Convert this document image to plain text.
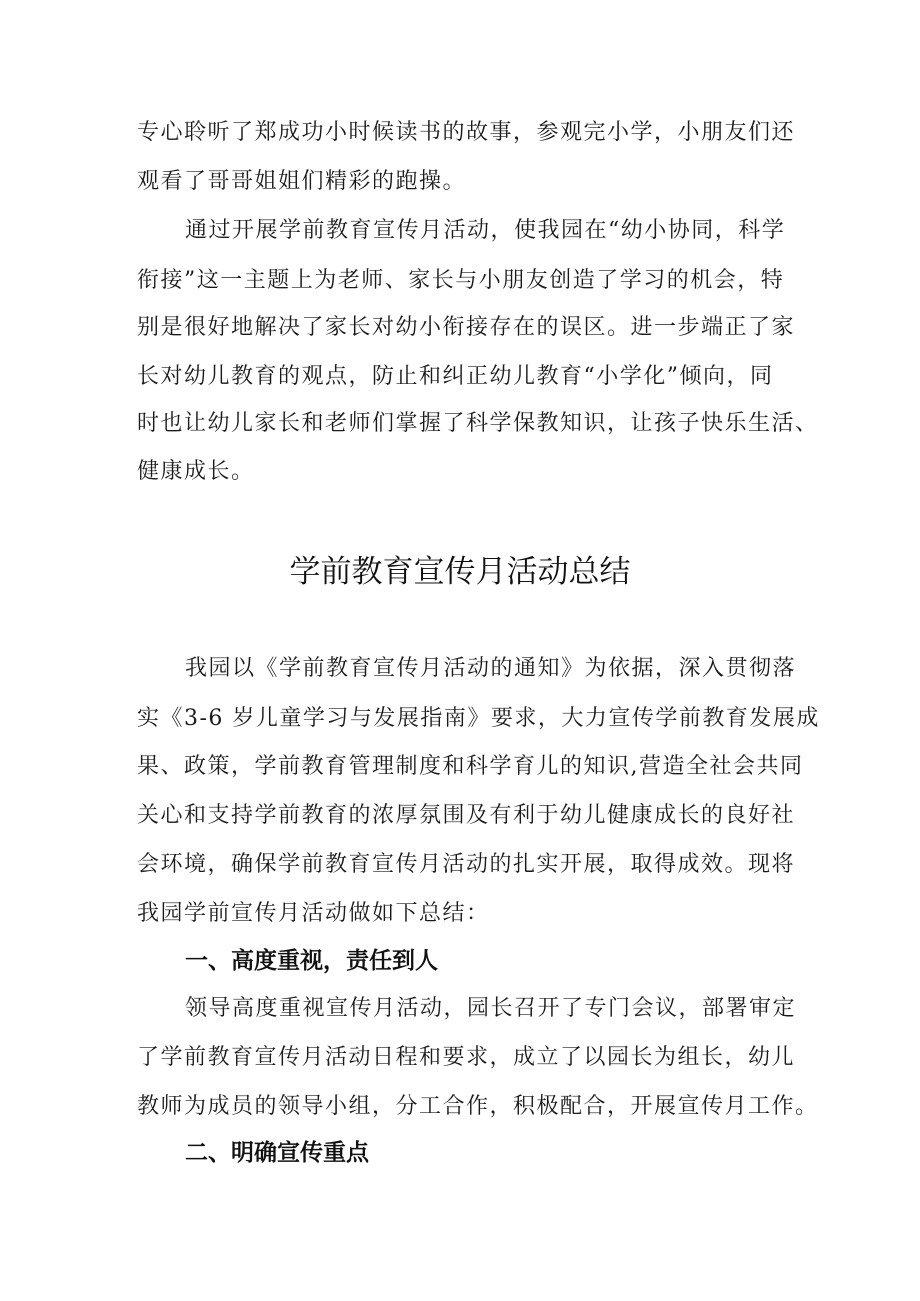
专心聆听了郑成功小时候读书的故事，参观完小学，小朋友们还
观看了哥哥姐姐们精彩的跑操。
通过开展学前教育宣传月活动，使我园在“幼小协同，科学
衔接”这一主题上为老师、家长与小朋友创造了学习的机会，特
别是很好地解决了家长对幼小衔接存在的误区。进一步端正了家
长对幼儿教育的观点，防止和纠正幼儿教育“小学化”倾向，同
时也让幼儿家长和老师们掌握了科学保教知识，让孩子快乐生活、
健康成长。
学前教育宣传月活动总结
我园以《学前教育宣传月活动的通知》为依据，深入贯彻落
实《3-6 岁儿童学习与发展指南》要求，大力宣传学前教育发展成
果、政策，学前教育管理制度和科学育儿的知识,营造全社会共同
关心和支持学前教育的浓厚氛围及有利于幼儿健康成长的良好社
会环境，确保学前教育宣传月活动的扎实开展，取得成效。现将
我园学前宣传月活动做如下总结：
一、高度重视，责任到人
领导高度重视宣传月活动，园长召开了专门会议，部署审定
了学前教育宣传月活动日程和要求，成立了以园长为组长，幼儿
教师为成员的领导小组，分工合作，积极配合，开展宣传月工作。
二、明确宣传重点
